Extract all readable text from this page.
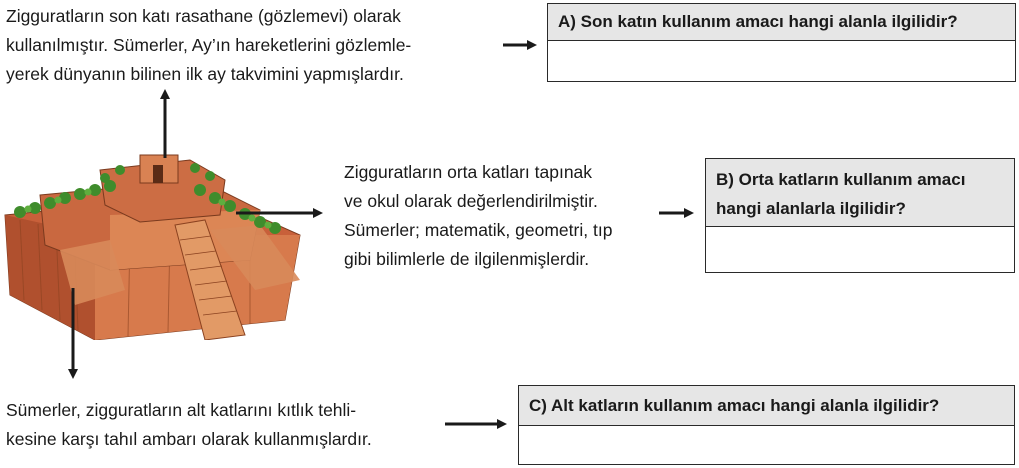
Zigguratların son katı rasathane (gözlemevi) olarak
kullanılmıştır. Sümerler, Ay’ın hareketlerini gözlemle-
yerek dünyanın bilinen ilk ay takvimini yapmışlardır.
A) Son katın kullanım amacı hangi alanla ilgilidir?
Zigguratların orta katları tapınak
ve okul olarak değerlendirilmiştir.
Sümerler; matematik, geometri, tıp
gibi bilimlerle de ilgilenmişlerdir.
B) Orta katların kullanım amacı
hangi alanlarla ilgilidir?
Sümerler, zigguratların alt katlarını kıtlık tehli-
kesine karşı tahıl ambarı olarak kullanmışlardır.
C) Alt katların kullanım amacı hangi alanla ilgilidir?
